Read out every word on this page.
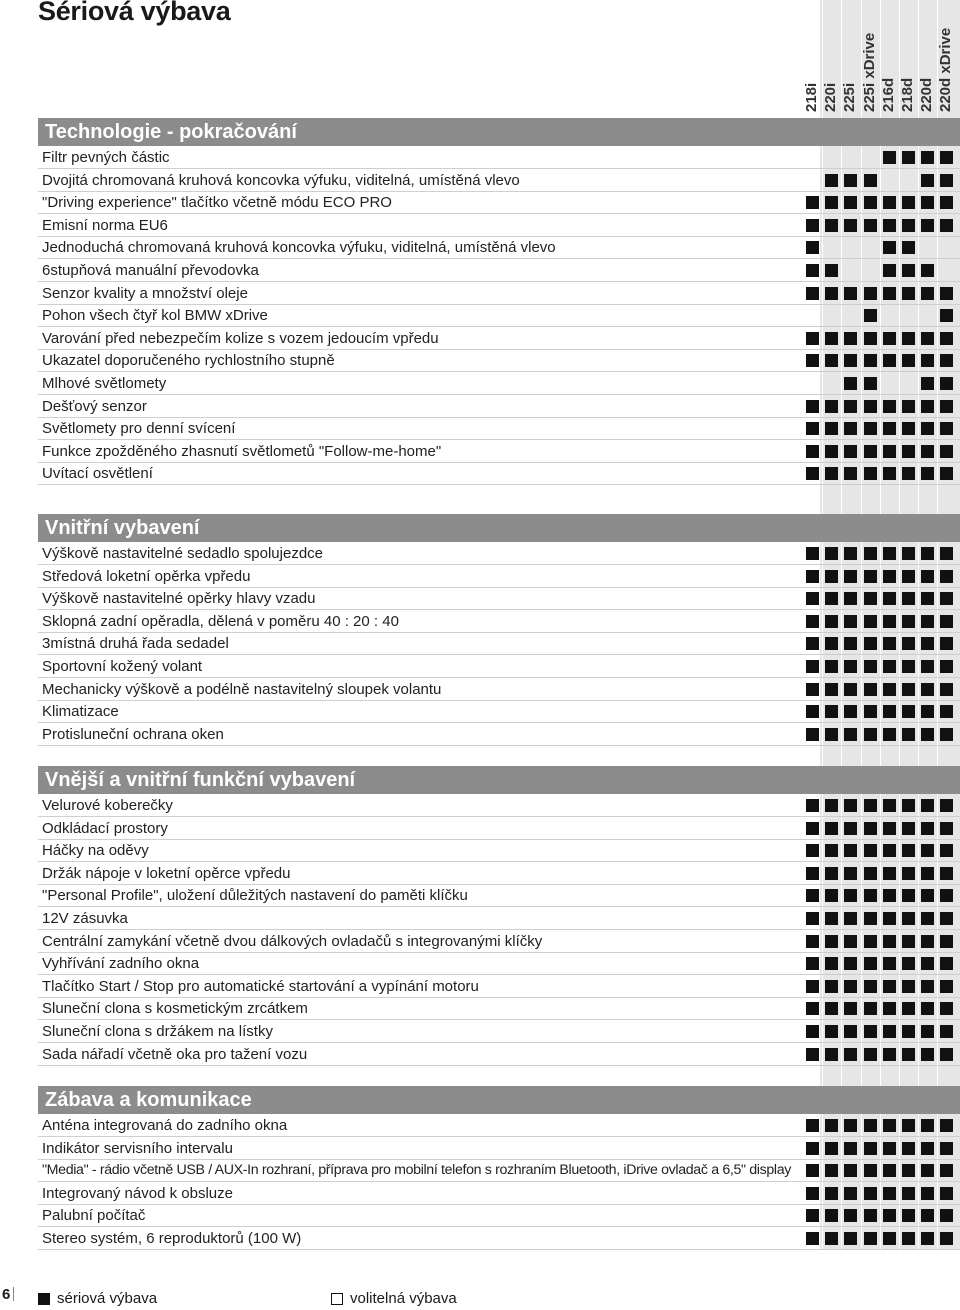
Sériová výbava
218i 220i 225i 225i xDrive 216d 218d 220d 220d xDrive
Technologie - pokračování
Filtr pevných částic
Dvojitá chromovaná kruhová koncovka výfuku, viditelná, umístěná vlevo
"Driving experience" tlačítko včetně módu ECO PRO
Emisní norma EU6
Jednoduchá chromovaná kruhová koncovka výfuku, viditelná, umístěná vlevo
6stupňová manuální převodovka
Senzor kvality a množství oleje
Pohon všech čtyř kol BMW xDrive
Varování před nebezpečím kolize s vozem jedoucím vpředu
Ukazatel doporučeného rychlostního stupně
Mlhové světlomety
Dešťový senzor
Světlomety pro denní svícení
Funkce zpožděného zhasnutí světlometů "Follow-me-home"
Uvítací osvětlení
Vnitřní vybavení
Výškově nastavitelné sedadlo spolujezdce
Středová loketní opěrka vpředu
Výškově nastavitelné opěrky hlavy vzadu
Sklopná zadní opěradla, dělená v poměru 40 : 20 : 40
3místná druhá řada sedadel
Sportovní kožený volant
Mechanicky výškově a podélně nastavitelný sloupek volantu
Klimatizace
Protisluneční ochrana oken
Vnější a vnitřní funkční vybavení
Velurové koberečky
Odkládací prostory
Háčky na oděvy
Držák nápoje v loketní opěrce vpředu
"Personal Profile", uložení důležitých nastavení do paměti klíčku
12V zásuvka
Centrální zamykání včetně dvou dálkových ovladačů s integrovanými klíčky
Vyhřívání zadního okna
Tlačítko Start / Stop pro automatické startování a vypínání motoru
Sluneční clona s kosmetickým zrcátkem
Sluneční clona s držákem na lístky
Sada nářadí včetně oka pro tažení vozu
Zábava a komunikace
Anténa integrovaná do zadního okna
Indikátor servisního intervalu
"Media" - rádio včetně USB / AUX-In rozhraní, příprava pro mobilní telefon s rozhraním Bluetooth, iDrive ovladač a 6,5" display
Integrovaný návod k obsluze
Palubní počítač
Stereo systém, 6 reproduktorů (100 W)
6	sériová výbava	volitelná výbava
